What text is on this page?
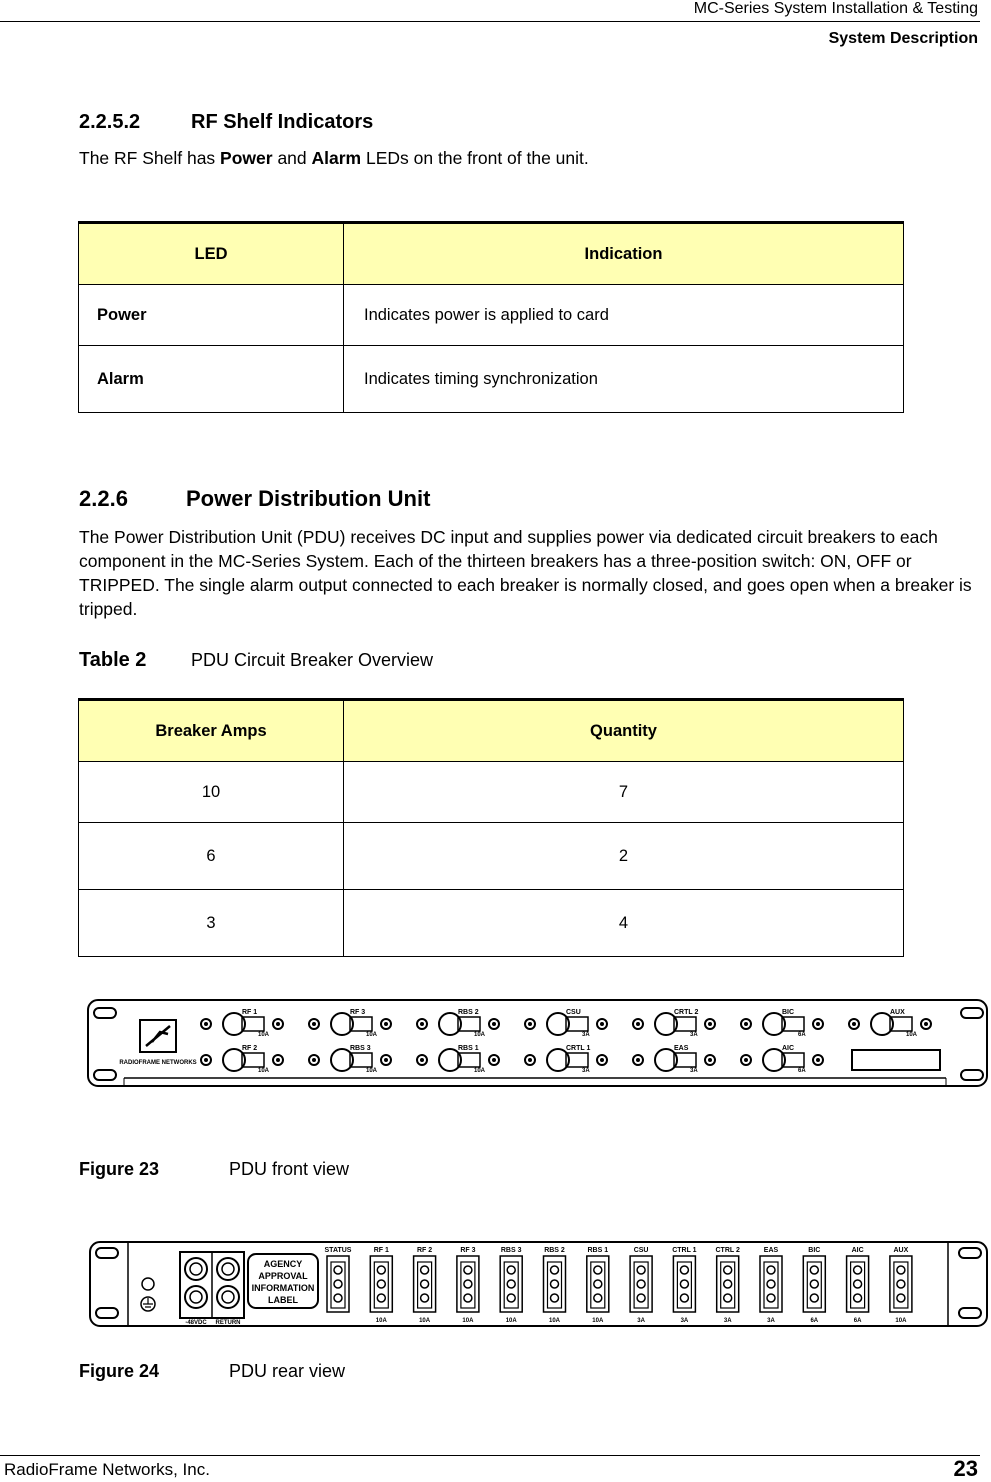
MC-Series System Installation & Testing
System Description
2.2.5.2	RF Shelf Indicators
The RF Shelf has Power and Alarm LEDs on the front of the unit.
LED	Indication
Power	Indicates power is applied to card
Alarm	Indicates timing synchronization
2.2.6	Power Distribution Unit
The Power Distribution Unit (PDU) receives DC input and supplies power via dedicated circuit breakers to each component in the MC-Series System. Each of the thirteen breakers has a three-position switch: ON, OFF or TRIPPED. The single alarm output connected to each breaker is normally closed, and goes open when a breaker is tripped.
Table 2 PDU Circuit Breaker Overview
Breaker Amps	Quantity
10	7
6	2
3	4
RADIOFRAME NETWORKS
RF 1
10A
RF 3
10A
RBS 2
10A
CSU
3A
CRTL 2
3A
BIC
6A
AUX
10A
RF 2
10A
RBS 3
10A
RBS 1
10A
CRTL 1
3A
EAS
3A
AIC
6A
Figure 23	PDU front view
-48VDC RETURN
AGENCY
APPROVAL
INFORMATION
LABEL
STATUS	RF 1
10A
RF 2
10A
RF 3
10A
RBS 3
10A
RBS 2
10A
RBS 1
10A
CSU
3A
CTRL 1
3A
CTRL 2
3A
EAS
3A
BIC
6A
AIC
6A
AUX
10A
Figure 24	PDU rear view
RadioFrame Networks, Inc.	23
